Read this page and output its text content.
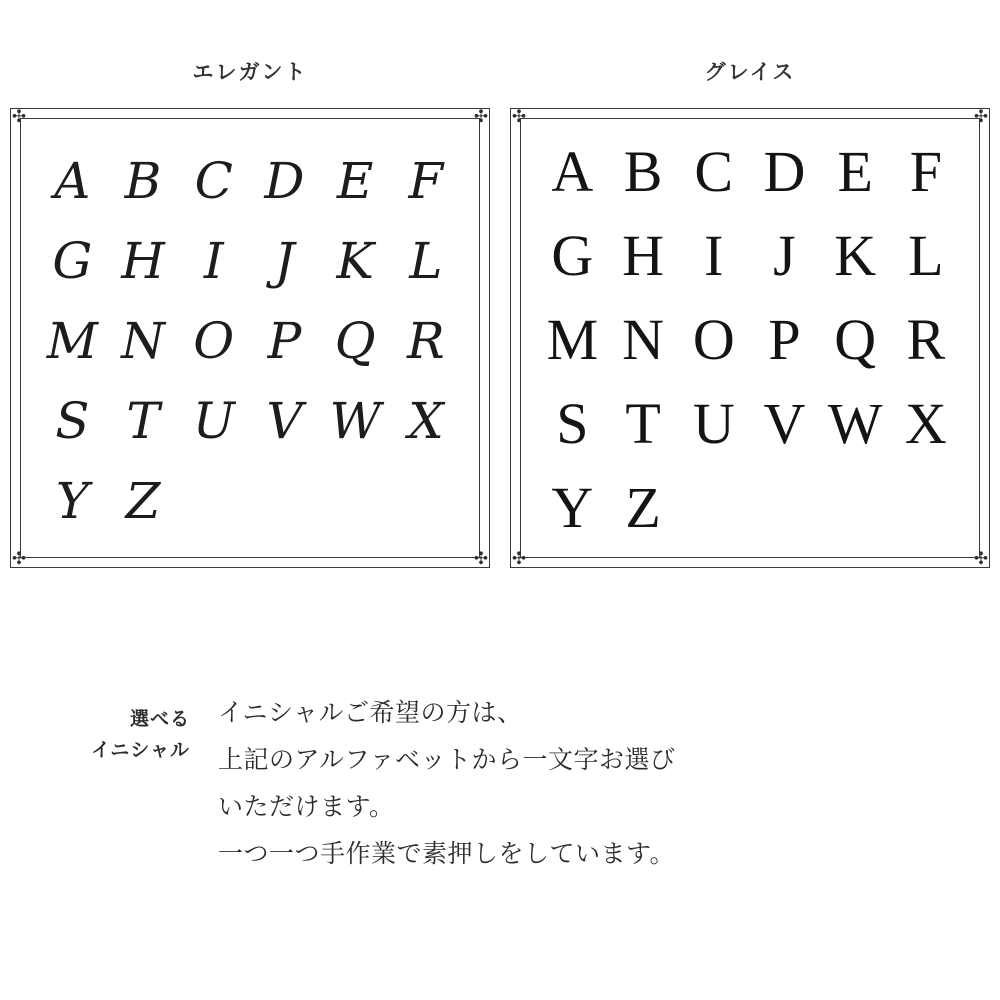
エレガント
✣	✣
✣	✣
A B C D E F
G H I	J K L
M N O P Q R
S T U V W X
Y Z
グレイス
✣	✣
✣	✣
A B C D E F
G H I J K L
M N O P Q R
S T U V W X
Y Z
選べる
イニシャル
イニシャルご希望の方は、
上記のアルファベットから一文字お選び
いただけます。
一つ一つ手作業で素押しをしています。
